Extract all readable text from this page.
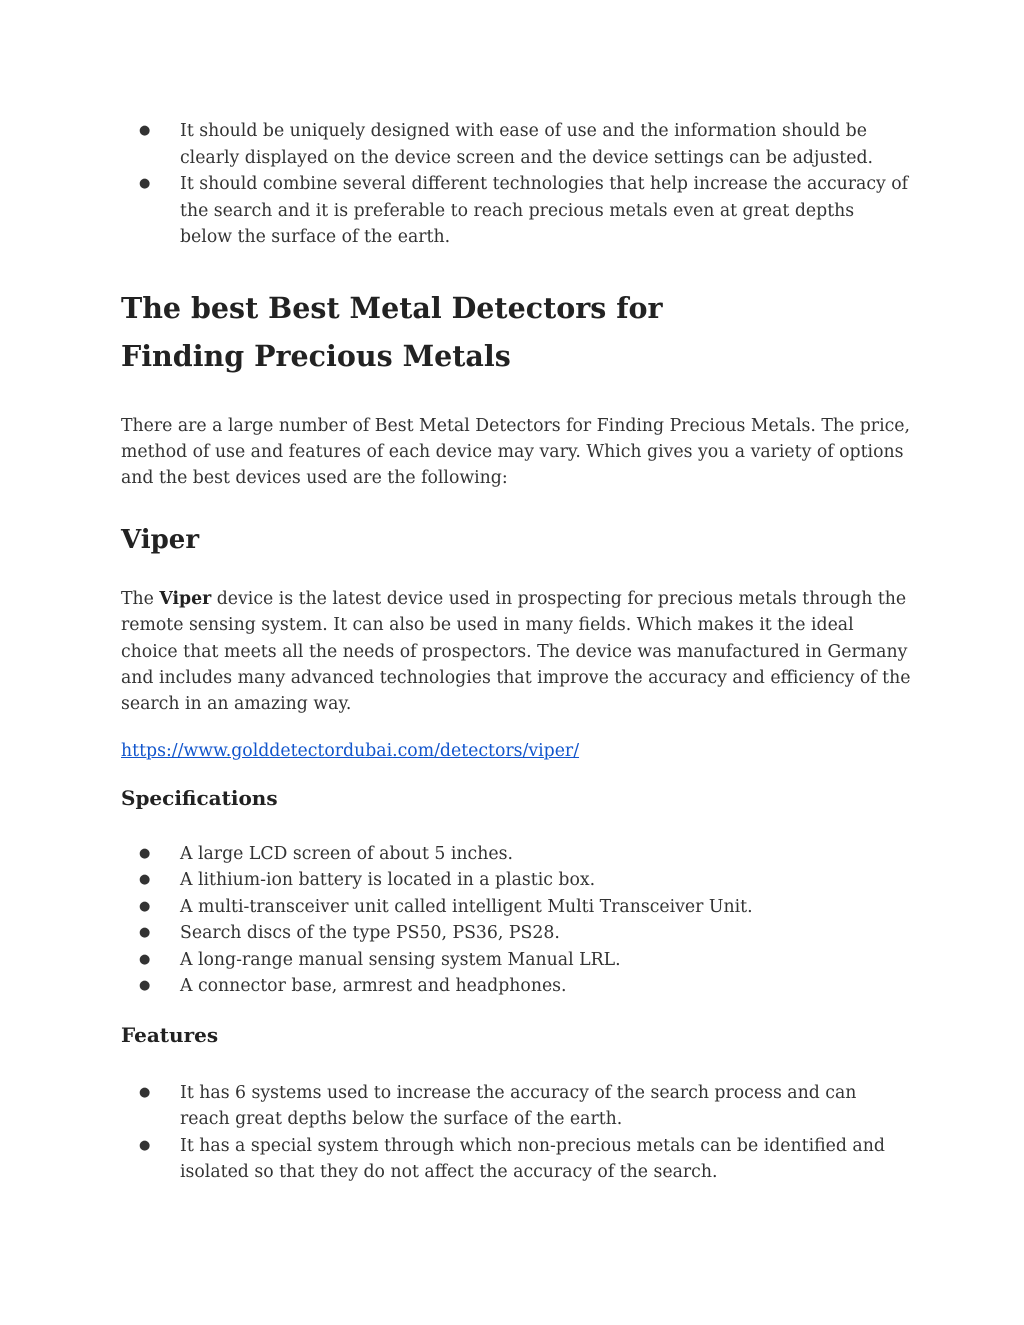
● It should be uniquely designed with ease of use and the information should be clearly displayed on the device screen and the device settings can be adjusted.
● It should combine several different technologies that help increase the accuracy of the search and it is preferable to reach precious metals even at great depths below the surface of the earth.
The best Best Metal Detectors for Finding Precious Metals

There are a large number of Best Metal Detectors for Finding Precious Metals. The price, method of use and features of each device may vary. Which gives you a variety of options and the best devices used are the following:

Viper

The Viper device is the latest device used in prospecting for precious metals through the remote sensing system. It can also be used in many fields. Which makes it the ideal choice that meets all the needs of prospectors. The device was manufactured in Germany and includes many advanced technologies that improve the accuracy and efficiency of the search in an amazing way.

https://www.golddetectordubai.com/detectors/viper/
Specifications
● A large LCD screen of about 5 inches.
● A lithium-ion battery is located in a plastic box.
● A multi-transceiver unit called intelligent Multi Transceiver Unit.
● Search discs of the type PS50, PS36, PS28.
● A long-range manual sensing system Manual LRL.
● A connector base, armrest and headphones.
Features
● It has 6 systems used to increase the accuracy of the search process and can reach great depths below the surface of the earth.
● It has a special system through which non-precious metals can be identified and isolated so that they do not affect the accuracy of the search.
